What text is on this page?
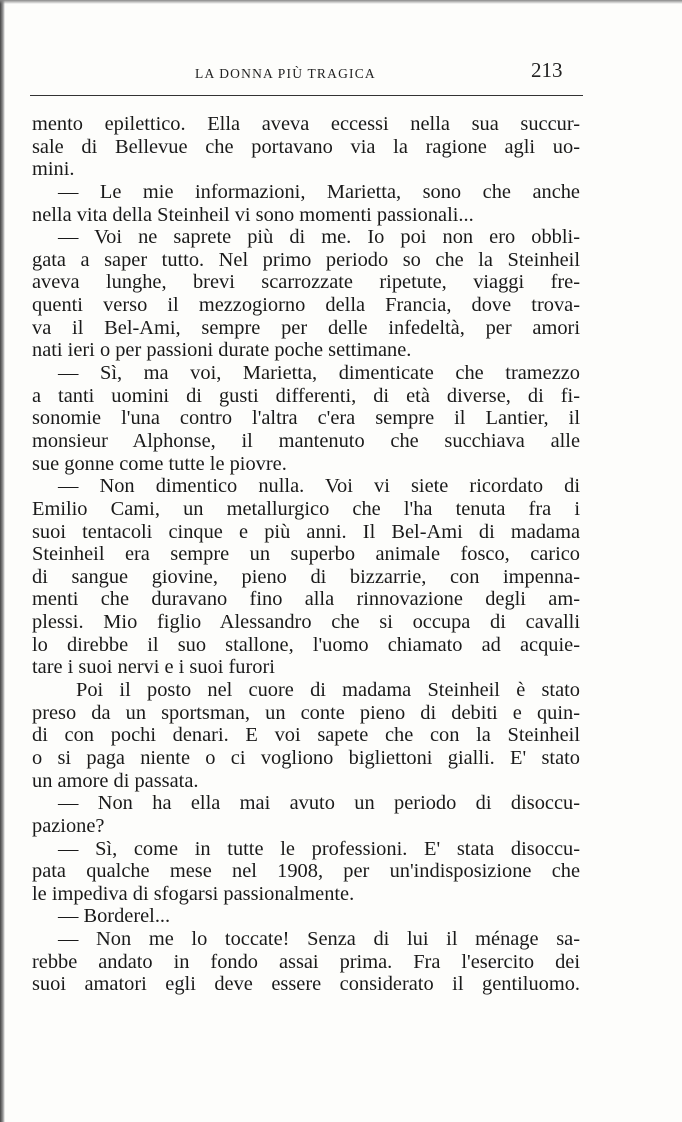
LA DONNA PIÙ TRAGICA	213
mento epilettico. Ella aveva eccessi nella sua succur-
sale di Bellevue che portavano via la ragione agli uo-
mini.
— Le mie informazioni, Marietta, sono che anche
nella vita della Steinheil vi sono momenti passionali...
— Voi ne saprete più di me. Io poi non ero obbli-
gata a saper tutto. Nel primo periodo so che la Steinheil
aveva lunghe, brevi scarrozzate ripetute, viaggi fre-
quenti verso il mezzogiorno della Francia, dove trova-
va il Bel-Ami, sempre per delle infedeltà, per amori
nati ieri o per passioni durate poche settimane.
— Sì, ma voi, Marietta, dimenticate che tramezzo
a tanti uomini di gusti differenti, di età diverse, di fi-
sonomie l'una contro l'altra c'era sempre il Lantier, il
monsieur Alphonse, il mantenuto che succhiava alle
sue gonne come tutte le piovre.
— Non dimentico nulla. Voi vi siete ricordato di
Emilio Cami, un metallurgico che l'ha tenuta fra i
suoi tentacoli cinque e più anni. Il Bel-Ami di madama
Steinheil era sempre un superbo animale fosco, carico
di sangue giovine, pieno di bizzarrie, con impenna-
menti che duravano fino alla rinnovazione degli am-
plessi. Mio figlio Alessandro che si occupa di cavalli
lo direbbe il suo stallone, l'uomo chiamato ad acquie-
tare i suoi nervi e i suoi furori
Poi il posto nel cuore di madama Steinheil è stato
preso da un sportsman, un conte pieno di debiti e quin-
di con pochi denari. E voi sapete che con la Steinheil
o si paga niente o ci vogliono bigliettoni gialli. E' stato
un amore di passata.
— Non ha ella mai avuto un periodo di disoccu-
pazione?
— Sì, come in tutte le professioni. E' stata disoccu-
pata qualche mese nel 1908, per un'indisposizione che
le impediva di sfogarsi passionalmente.
— Borderel...
— Non me lo toccate! Senza di lui il ménage sa-
rebbe andato in fondo assai prima. Fra l'esercito dei
suoi amatori egli deve essere considerato il gentiluomo.
